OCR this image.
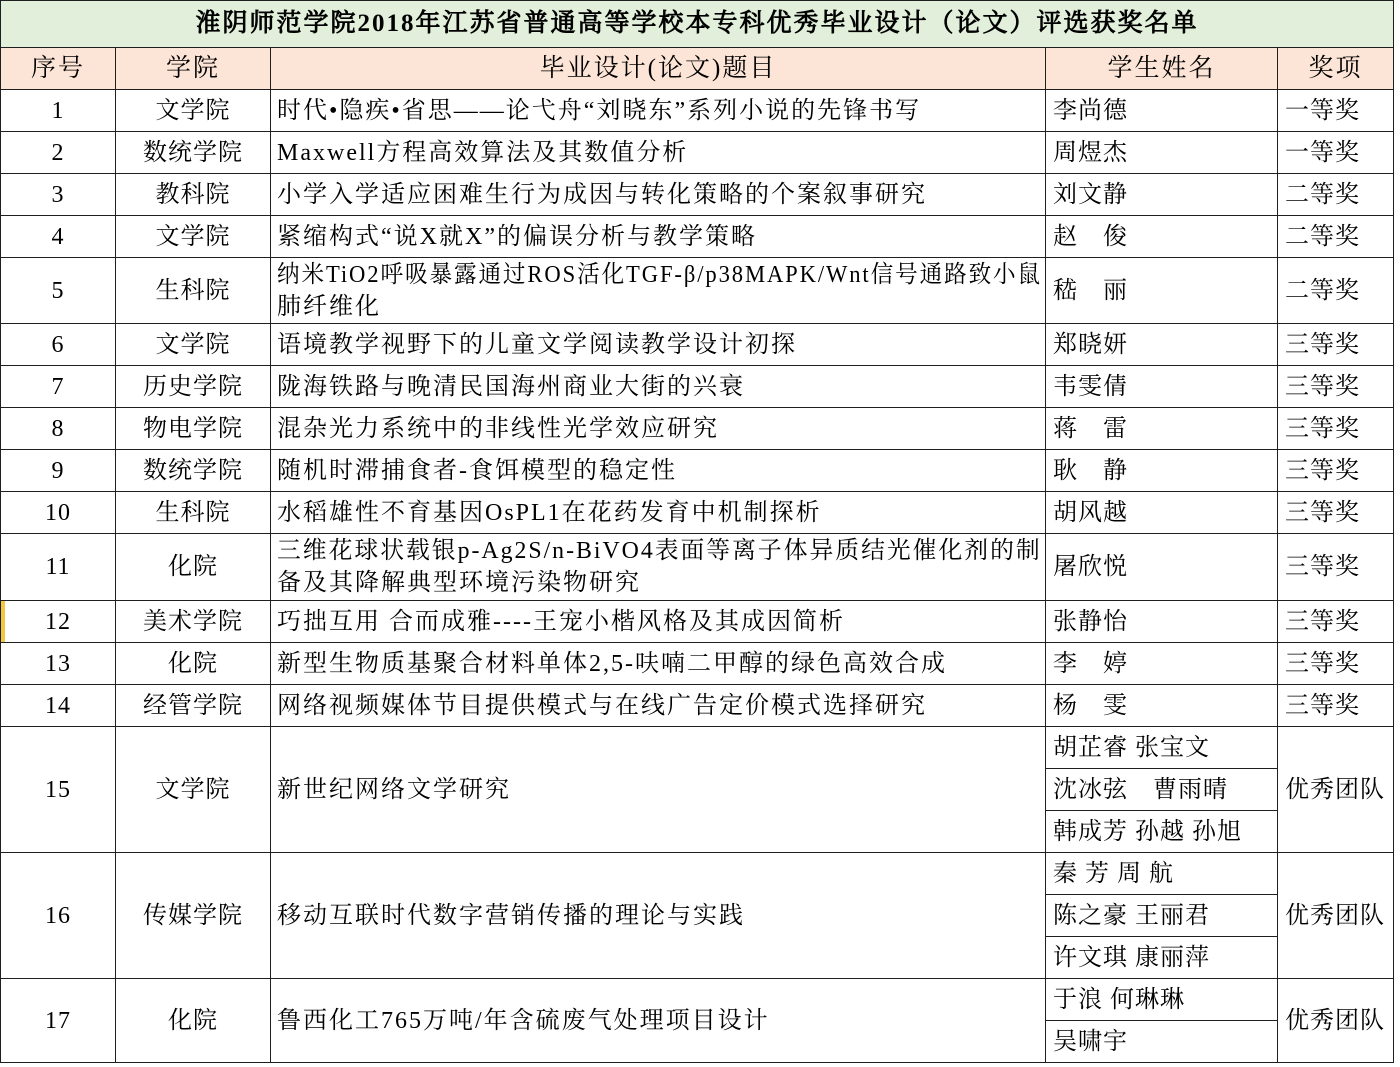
淮阴师范学院2018年江苏省普通高等学校本专科优秀毕业设计（论文）评选获奖名单				
序号	学院	毕业设计(论文)题目	学生姓名	奖项
1	文学院	时代•隐疾•省思——论弋舟“刘晓东”系列小说的先锋书写	李尚德	一等奖
2	数统学院	Maxwell方程高效算法及其数值分析	周煜杰	一等奖
3	教科院	小学入学适应困难生行为成因与转化策略的个案叙事研究	刘文静	二等奖
4	文学院	紧缩构式“说X就X”的偏误分析与教学策略	赵　俊	二等奖
5	生科院	纳米TiO2呼吸暴露通过ROS活化TGF-β/p38MAPK/Wnt信号通路致小鼠
肺纤维化	嵇　丽	二等奖
6	文学院	语境教学视野下的儿童文学阅读教学设计初探	郑晓妍	三等奖
7	历史学院	陇海铁路与晚清民国海州商业大街的兴衰	韦雯倩	三等奖
8	物电学院	混杂光力系统中的非线性光学效应研究	蒋　雷	三等奖
9	数统学院	随机时滞捕食者-食饵模型的稳定性	耿　静	三等奖
10	生科院	水稻雄性不育基因OsPL1在花药发育中机制探析	胡风越	三等奖
11	化院	三维花球状载银p-Ag2S/n-BiVO4表面等离子体异质结光催化剂的制
备及其降解典型环境污染物研究	屠欣悦	三等奖
12	美术学院	巧拙互用 合而成雅----王宠小楷风格及其成因简析	张静怡	三等奖
13	化院	新型生物质基聚合材料单体2,5-呋喃二甲醇的绿色高效合成	李　婷	三等奖
14	经管学院	网络视频媒体节目提供模式与在线广告定价模式选择研究	杨　雯	三等奖
15	文学院	新世纪网络文学研究	胡芷睿 张宝文	优秀团队
			沈冰弦　曹雨晴	
			韩成芳 孙越 孙旭	
16	传媒学院	移动互联时代数字营销传播的理论与实践	秦 芳 周 航	优秀团队
			陈之豪 王丽君	
			许文琪 康丽萍	
17	化院	鲁西化工765万吨/年含硫废气处理项目设计	于浪 何琳琳	优秀团队
			吴啸宇	
